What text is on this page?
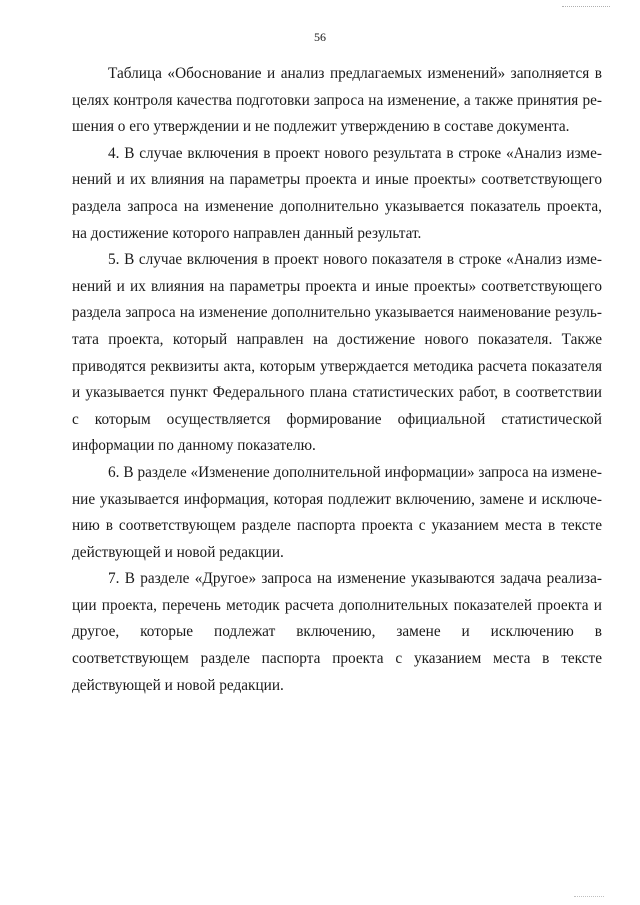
56

Таблица «Обоснование и анализ предлагаемых изменений» заполняется в целях контроля качества подготовки запроса на изменение, а также принятия решения о его утверждении и не подлежит утверждению в составе документа.

4. В случае включения в проект нового результата в строке «Анализ изменений и их влияния на параметры проекта и иные проекты» соответствующего раздела запроса на изменение дополнительно указывается показатель проекта, на достижение которого направлен данный результат.

5. В случае включения в проект нового показателя в строке «Анализ изменений и их влияния на параметры проекта и иные проекты» соответствующего раздела запроса на изменение дополнительно указывается наименование результата проекта, который направлен на достижение нового показателя. Также приводятся реквизиты акта, которым утверждается методика расчета показателя и указывается пункт Федерального плана статистических работ, в соответствии с которым осуществляется формирование официальной статистической информации по данному показателю.

6. В разделе «Изменение дополнительной информации» запроса на изменение указывается информация, которая подлежит включению, замене и исключению в соответствующем разделе паспорта проекта с указанием места в тексте действующей и новой редакции.

7. В разделе «Другое» запроса на изменение указываются задача реализации проекта, перечень методик расчета дополнительных показателей проекта и другое, которые подлежат включению, замене и исключению в соответствующем разделе паспорта проекта с указанием места в тексте действующей и новой редакции.
